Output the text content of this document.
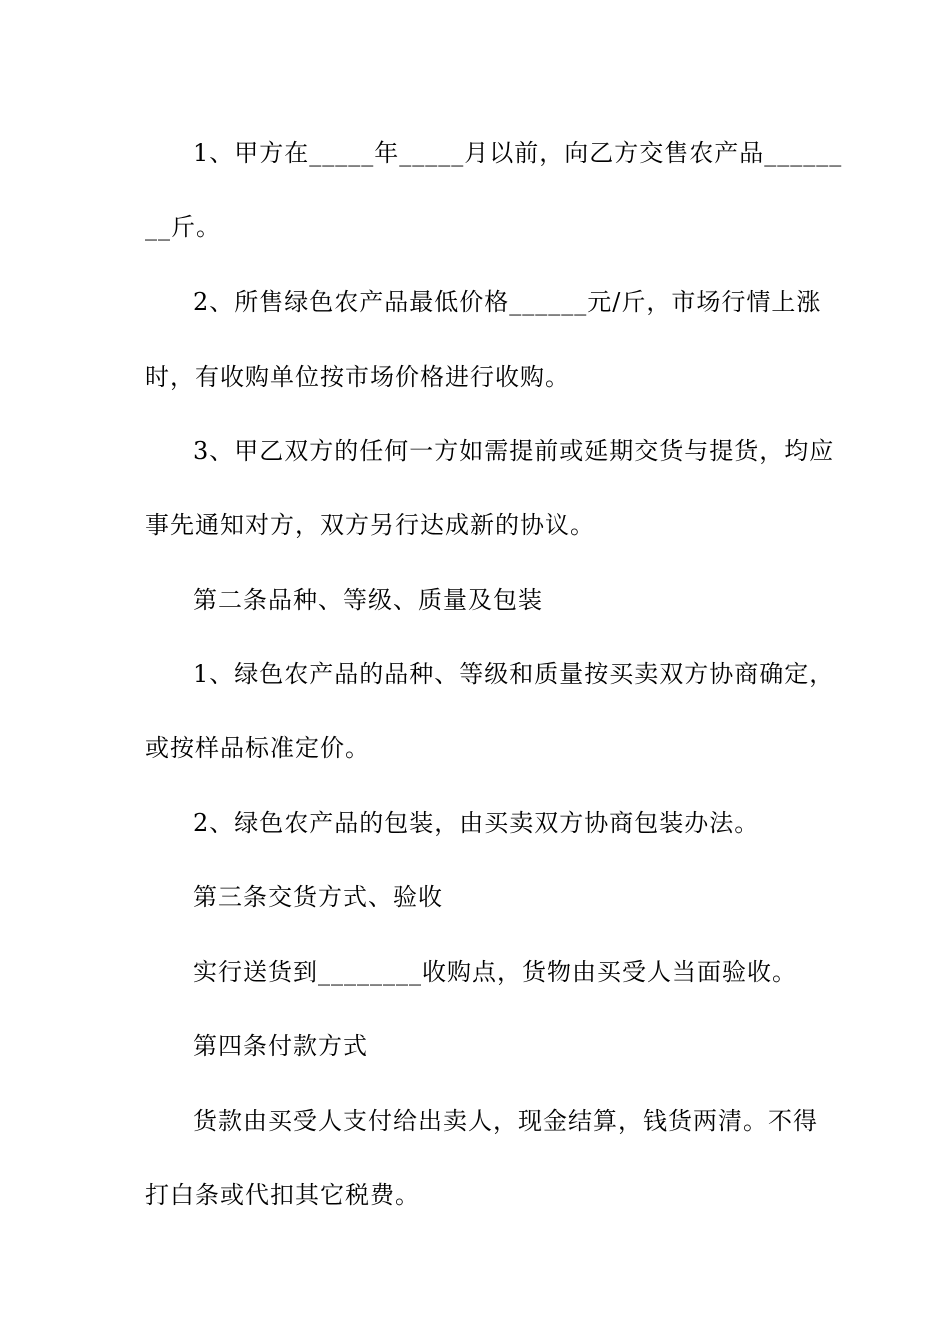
1、甲方在_____年_____月以前，向乙方交售农产品______
__斤。
2、所售绿色农产品最低价格______元/斤，市场行情上涨
时，有收购单位按市场价格进行收购。
3、甲乙双方的任何一方如需提前或延期交货与提货，均应
事先通知对方，双方另行达成新的协议。
第二条品种、等级、质量及包装
1、绿色农产品的品种、等级和质量按买卖双方协商确定，
或按样品标准定价。
2、绿色农产品的包装，由买卖双方协商包装办法。
第三条交货方式、验收
实行送货到________收购点，货物由买受人当面验收。
第四条付款方式
货款由买受人支付给出卖人，现金结算，钱货两清。不得
打白条或代扣其它税费。
